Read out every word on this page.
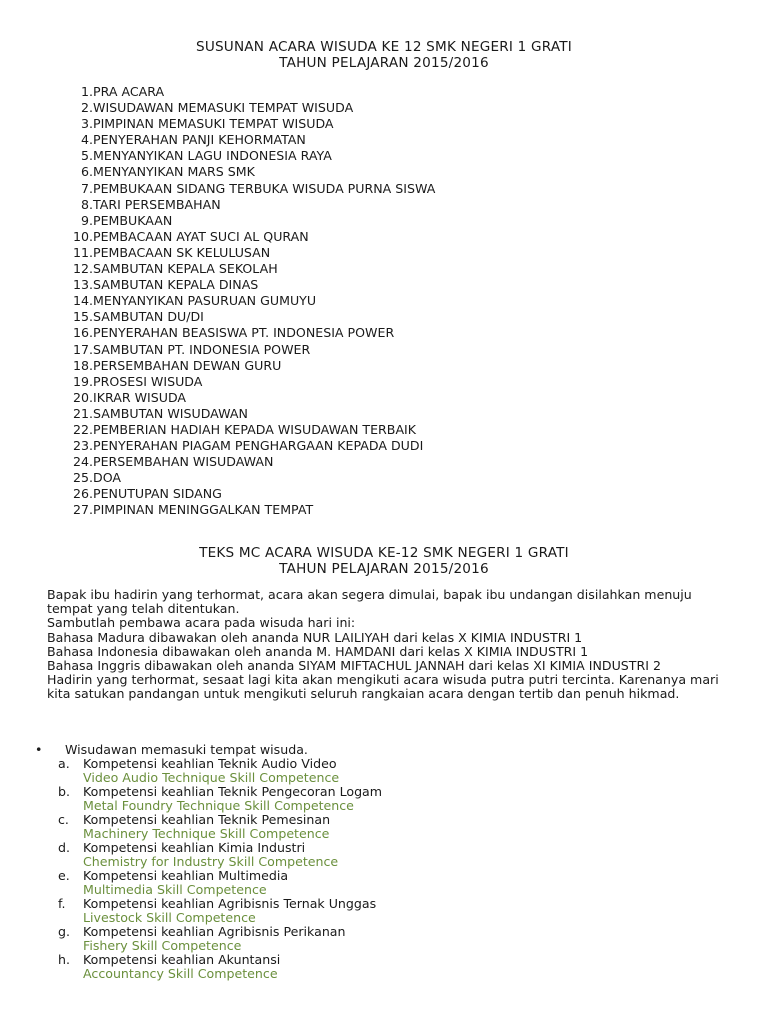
SUSUNAN ACARA WISUDA KE 12 SMK NEGERI 1 GRATI
TAHUN PELAJARAN 2015/2016
1.PRA ACARA
2.WISUDAWAN MEMASUKI TEMPAT WISUDA
3.PIMPINAN MEMASUKI TEMPAT WISUDA
4.PENYERAHAN PANJI KEHORMATAN
5.MENYANYIKAN LAGU INDONESIA RAYA
6.MENYANYIKAN MARS SMK
7.PEMBUKAAN SIDANG TERBUKA WISUDA PURNA SISWA
8.TARI PERSEMBAHAN
9.PEMBUKAAN
10.PEMBACAAN AYAT SUCI AL QURAN
11.PEMBACAAN SK KELULUSAN
12.SAMBUTAN KEPALA SEKOLAH
13.SAMBUTAN KEPALA DINAS
14.MENYANYIKAN PASURUAN GUMUYU
15.SAMBUTAN DU/DI
16.PENYERAHAN BEASISWA PT. INDONESIA POWER
17.SAMBUTAN PT. INDONESIA POWER
18.PERSEMBAHAN DEWAN GURU
19.PROSESI WISUDA
20.IKRAR WISUDA
21.SAMBUTAN WISUDAWAN
22.PEMBERIAN HADIAH KEPADA WISUDAWAN TERBAIK
23.PENYERAHAN PIAGAM PENGHARGAAN KEPADA DUDI
24.PERSEMBAHAN WISUDAWAN
25.DOA
26.PENUTUPAN SIDANG
27.PIMPINAN MENINGGALKAN TEMPAT
TEKS MC ACARA WISUDA KE-12 SMK NEGERI 1 GRATI
TAHUN PELAJARAN 2015/2016

Bapak ibu hadirin yang terhormat, acara akan segera dimulai, bapak ibu undangan disilahkan menuju tempat yang telah ditentukan.

Sambutlah pembawa acara pada wisuda hari ini:

Bahasa Madura dibawakan oleh ananda NUR LAILIYAH dari kelas X KIMIA INDUSTRI 1

Bahasa Indonesia dibawakan oleh ananda M. HAMDANI dari kelas X KIMIA INDUSTRI 1

Bahasa Inggris dibawakan oleh ananda SIYAM MIFTACHUL JANNAH dari kelas XI KIMIA INDUSTRI 2

Hadirin yang terhormat, sesaat lagi kita akan mengikuti acara wisuda putra putri tercinta. Karenanya mari kita satukan pandangan untuk mengikuti seluruh rangkaian acara dengan tertib dan penuh hikmad.

• Wisudawan memasuki tempat wisuda.
a. Kompetensi keahlian Teknik Audio Video
Video Audio Technique Skill Competence
b. Kompetensi keahlian Teknik Pengecoran Logam
Metal Foundry Technique Skill Competence
c. Kompetensi keahlian Teknik Pemesinan
Machinery Technique Skill Competence
d. Kompetensi keahlian Kimia Industri
Chemistry for Industry Skill Competence
e. Kompetensi keahlian Multimedia
Multimedia Skill Competence
f. Kompetensi keahlian Agribisnis Ternak Unggas
Livestock Skill Competence
g. Kompetensi keahlian Agribisnis Perikanan
Fishery Skill Competence
h. Kompetensi keahlian Akuntansi
Accountancy Skill Competence
